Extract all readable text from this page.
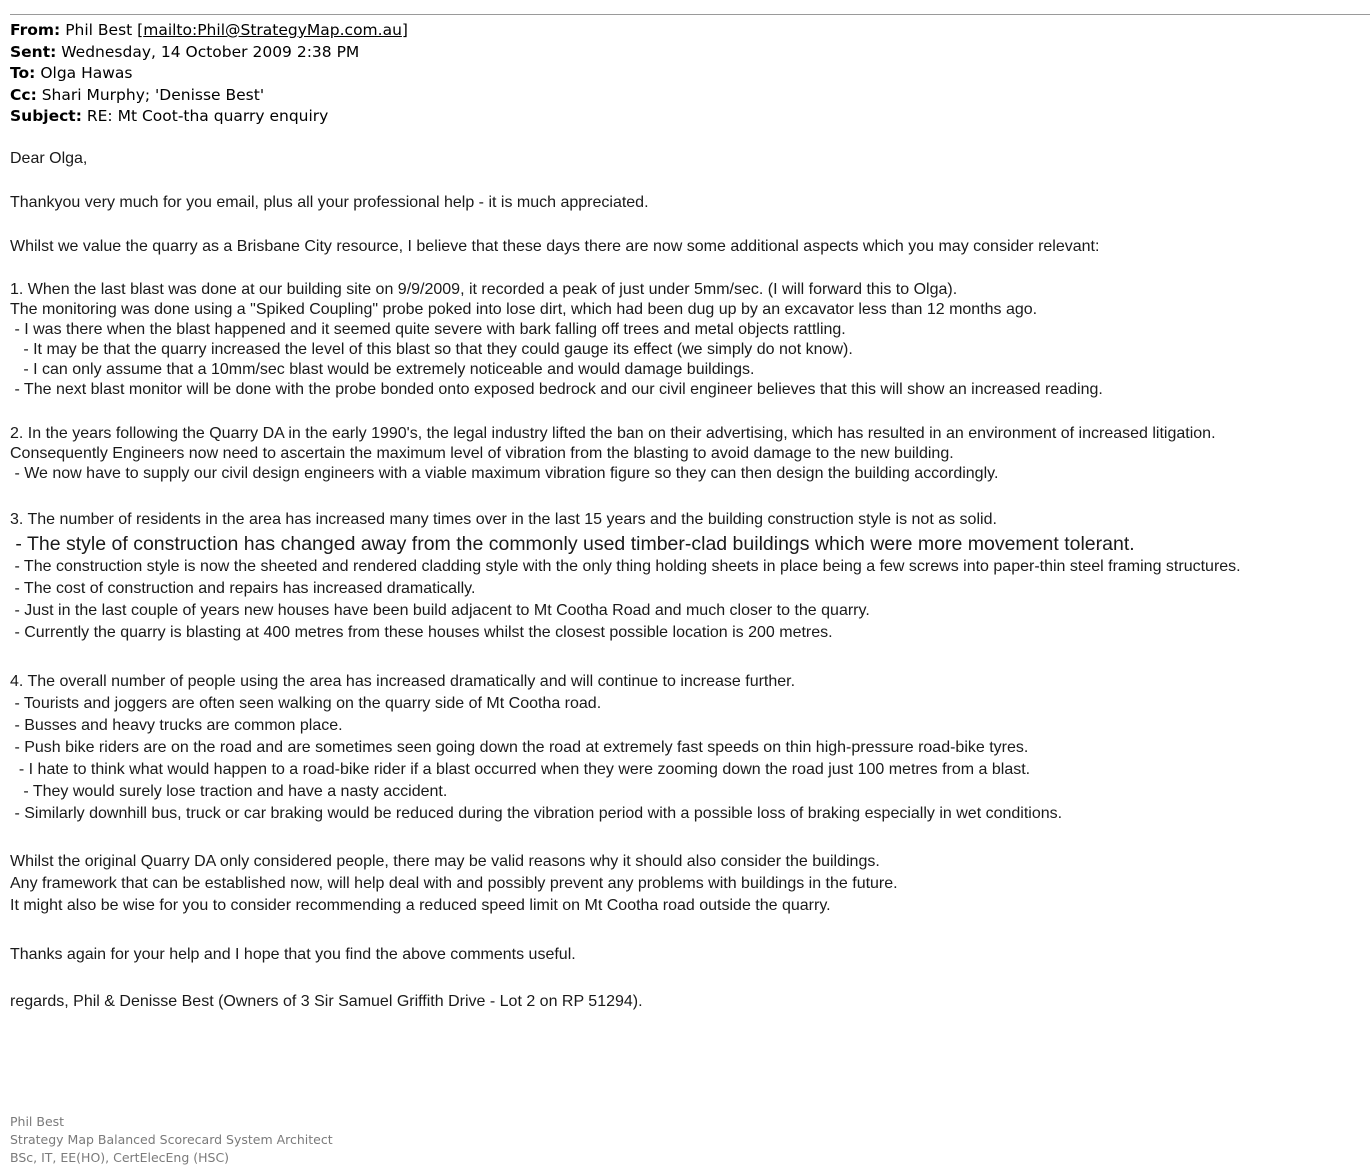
From: Phil Best [mailto:Phil@StrategyMap.com.au]
Sent: Wednesday, 14 October 2009 2:38 PM
To: Olga Hawas
Cc: Shari Murphy; 'Denisse Best'
Subject: RE: Mt Coot-tha quarry enquiry
Dear Olga,
Thankyou very much for you email, plus all your professional help - it is much appreciated.
Whilst we value the quarry as a Brisbane City resource, I believe that these days there are now some additional aspects which you may consider relevant:
1. When the last blast was done at our building site on 9/9/2009, it recorded a peak of just under 5mm/sec. (I will forward this to Olga).
The monitoring was done using a "Spiked Coupling" probe poked into lose dirt, which had been dug up by an excavator less than 12 months ago.
- I was there when the blast happened and it seemed quite severe with bark falling off trees and metal objects rattling.
- It may be that the quarry increased the level of this blast so that they could gauge its effect (we simply do not know).
- I can only assume that a 10mm/sec blast would be extremely noticeable and would damage buildings.
- The next blast monitor will be done with the probe bonded onto exposed bedrock and our civil engineer believes that this will show an increased reading.
2. In the years following the Quarry DA in the early 1990's, the legal industry lifted the ban on their advertising, which has resulted in an environment of increased litigation.
Consequently Engineers now need to ascertain the maximum level of vibration from the blasting to avoid damage to the new building.
- We now have to supply our civil design engineers with a viable maximum vibration figure so they can then design the building accordingly.
3. The number of residents in the area has increased many times over in the last 15 years and the building construction style is not as solid.
- The style of construction has changed away from the commonly used timber-clad buildings which were more movement tolerant.
- The construction style is now the sheeted and rendered cladding style with the only thing holding sheets in place being a few screws into paper-thin steel framing structures.
- The cost of construction and repairs has increased dramatically.
- Just in the last couple of years new houses have been build adjacent to Mt Cootha Road and much closer to the quarry.
- Currently the quarry is blasting at 400 metres from these houses whilst the closest possible location is 200 metres.
4. The overall number of people using the area has increased dramatically and will continue to increase further.
- Tourists and joggers are often seen walking on the quarry side of Mt Cootha road.
- Busses and heavy trucks are common place.
- Push bike riders are on the road and are sometimes seen going down the road at extremely fast speeds on thin high-pressure road-bike tyres.
- I hate to think what would happen to a road-bike rider if a blast occurred when they were zooming down the road just 100 metres from a blast.
- They would surely lose traction and have a nasty accident.
- Similarly downhill bus, truck or car braking would be reduced during the vibration period with a possible loss of braking especially in wet conditions.
Whilst the original Quarry DA only considered people, there may be valid reasons why it should also consider the buildings.
Any framework that can be established now, will help deal with and possibly prevent any problems with buildings in the future.
It might also be wise for you to consider recommending a reduced speed limit on Mt Cootha road outside the quarry.
Thanks again for your help and I hope that you find the above comments useful.
regards, Phil & Denisse Best (Owners of 3 Sir Samuel Griffith Drive - Lot 2 on RP 51294).
Phil Best
Strategy Map Balanced Scorecard System Architect
BSc, IT, EE(HO), CertElecEng (HSC)
